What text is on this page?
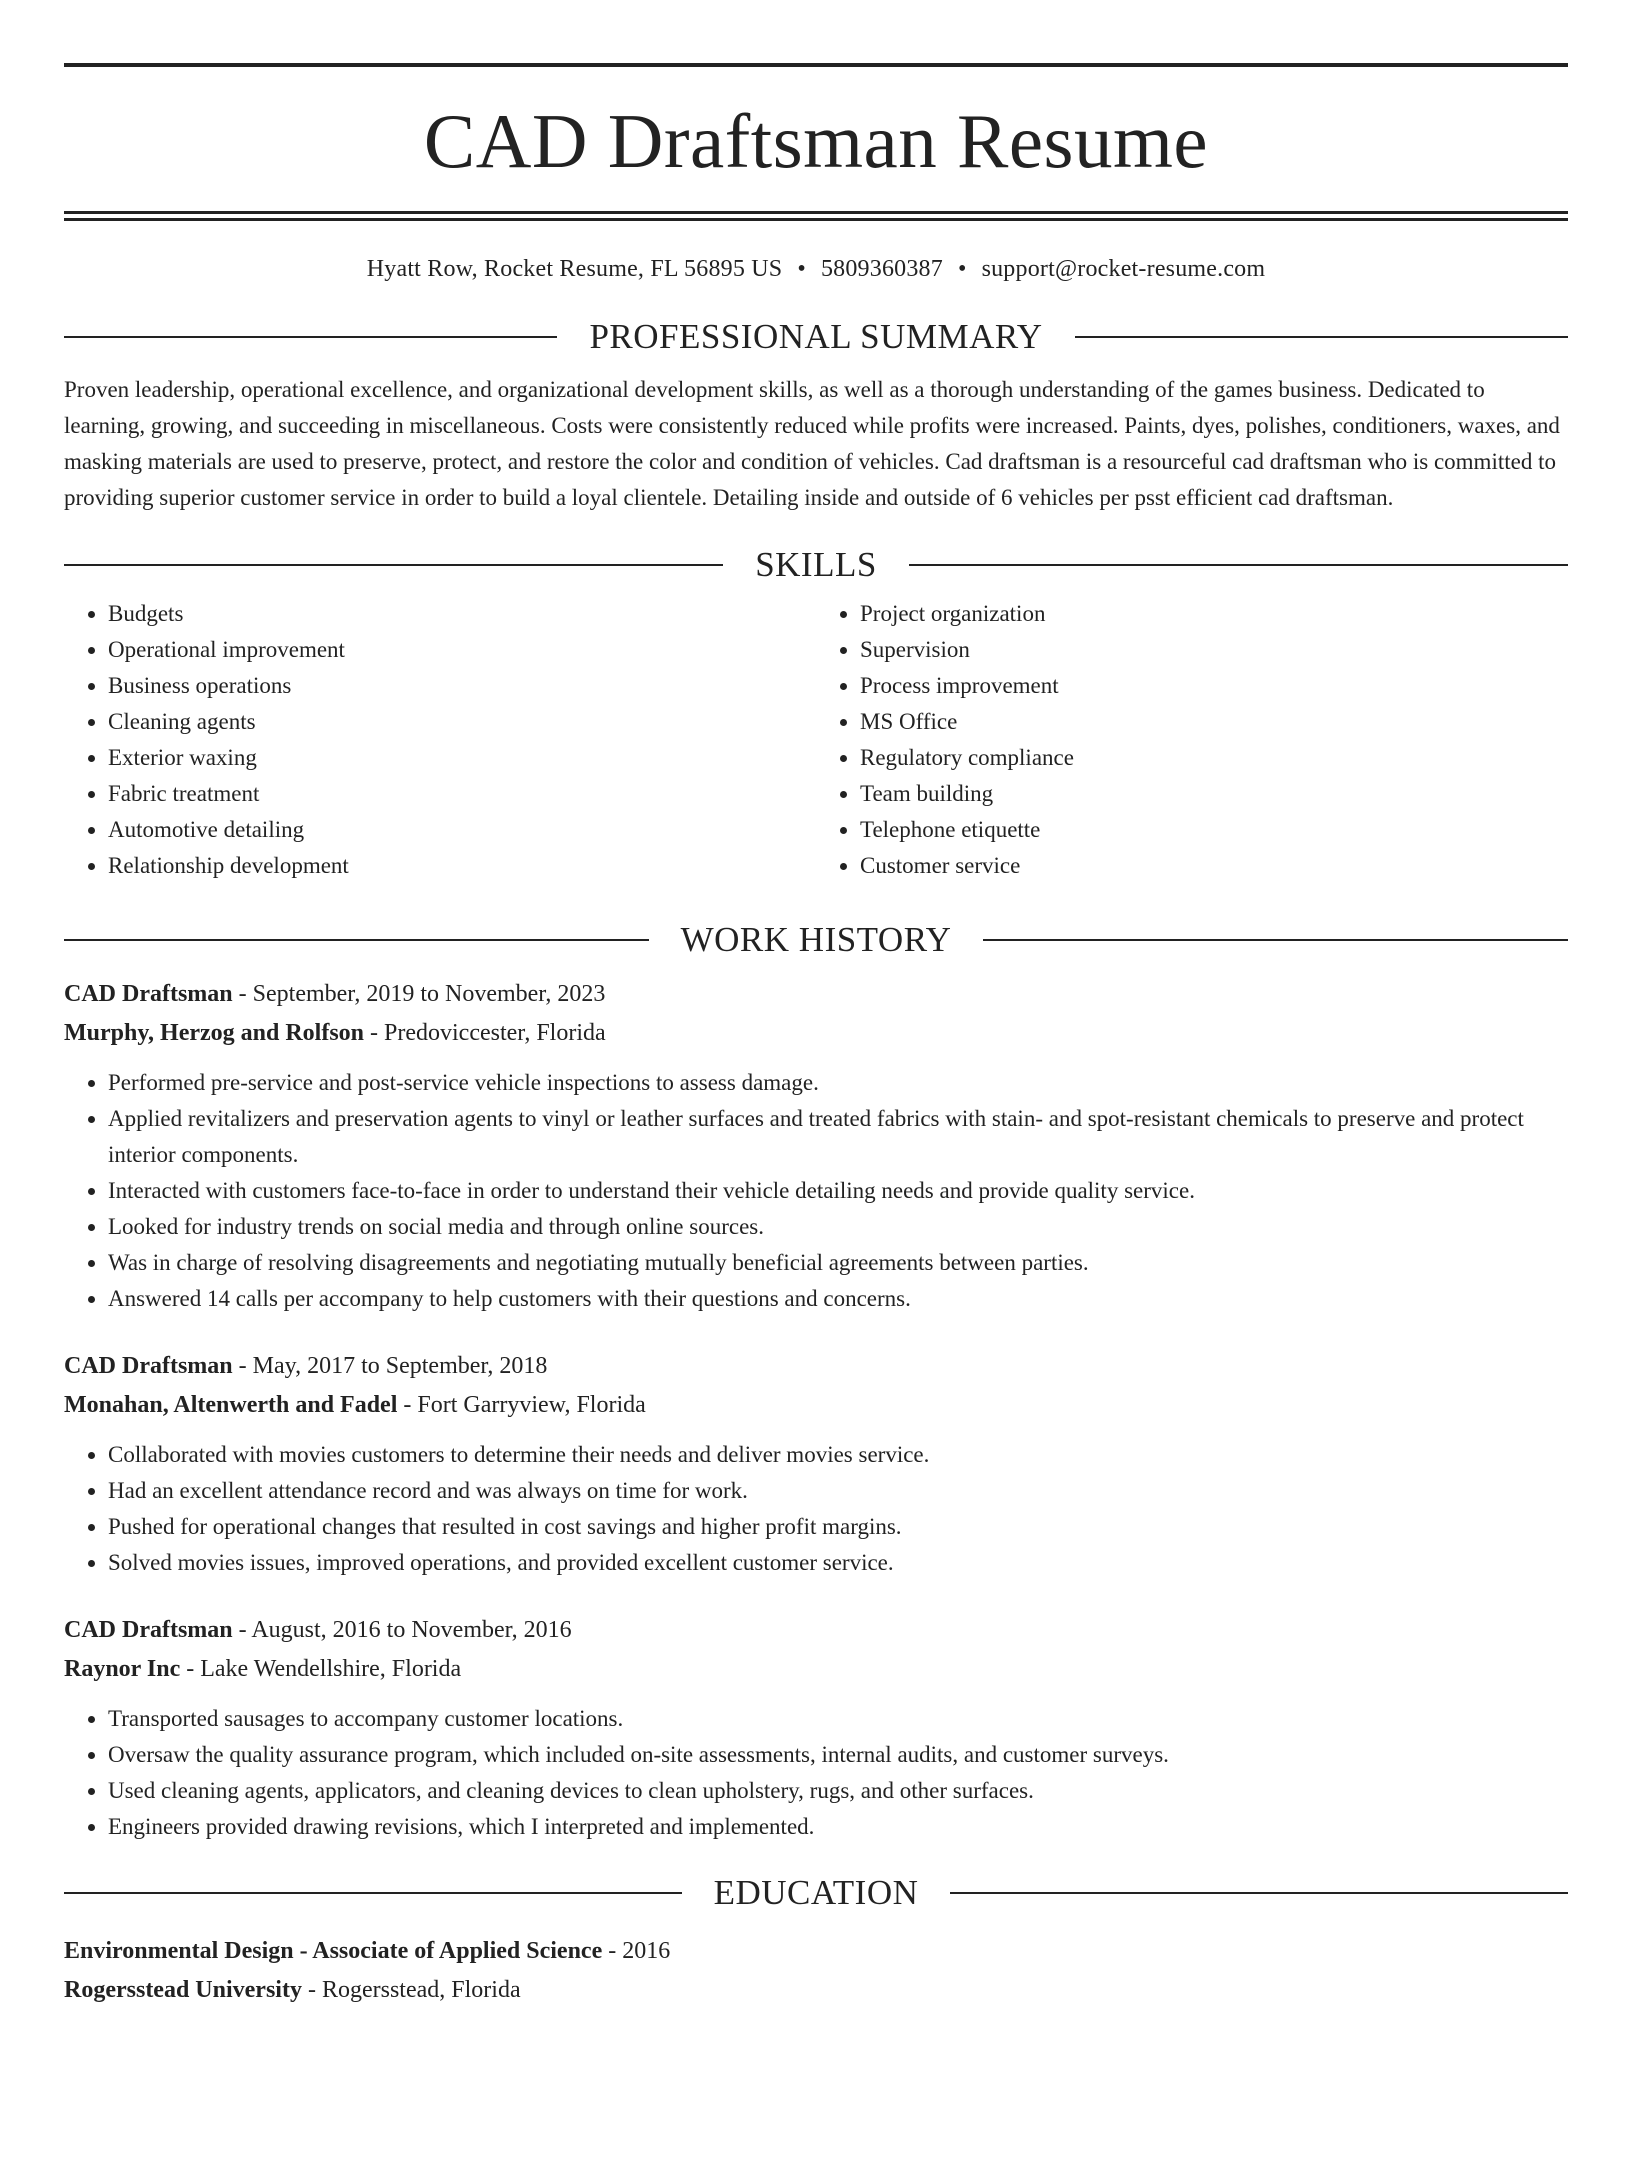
CAD Draftsman Resume
Hyatt Row, Rocket Resume, FL 56895 US • 5809360387 • support@rocket-resume.com
PROFESSIONAL SUMMARY
Proven leadership, operational excellence, and organizational development skills, as well as a thorough understanding of the games business. Dedicated to learning, growing, and succeeding in miscellaneous. Costs were consistently reduced while profits were increased. Paints, dyes, polishes, conditioners, waxes, and masking materials are used to preserve, protect, and restore the color and condition of vehicles. Cad draftsman is a resourceful cad draftsman who is committed to providing superior customer service in order to build a loyal clientele. Detailing inside and outside of 6 vehicles per psst efficient cad draftsman.
SKILLS
• Budgets
• Operational improvement
• Business operations
• Cleaning agents
• Exterior waxing
• Fabric treatment
• Automotive detailing
• Relationship development
• Project organization
• Supervision
• Process improvement
• MS Office
• Regulatory compliance
• Team building
• Telephone etiquette
• Customer service
WORK HISTORY
CAD Draftsman - September, 2019 to November, 2023
Murphy, Herzog and Rolfson - Predoviccester, Florida
• Performed pre-service and post-service vehicle inspections to assess damage.
• Applied revitalizers and preservation agents to vinyl or leather surfaces and treated fabrics with stain- and spot-resistant chemicals to preserve and protect interior components.
• Interacted with customers face-to-face in order to understand their vehicle detailing needs and provide quality service.
• Looked for industry trends on social media and through online sources.
• Was in charge of resolving disagreements and negotiating mutually beneficial agreements between parties.
• Answered 14 calls per accompany to help customers with their questions and concerns.
CAD Draftsman - May, 2017 to September, 2018
Monahan, Altenwerth and Fadel - Fort Garryview, Florida
• Collaborated with movies customers to determine their needs and deliver movies service.
• Had an excellent attendance record and was always on time for work.
• Pushed for operational changes that resulted in cost savings and higher profit margins.
• Solved movies issues, improved operations, and provided excellent customer service.
CAD Draftsman - August, 2016 to November, 2016
Raynor Inc - Lake Wendellshire, Florida
• Transported sausages to accompany customer locations.
• Oversaw the quality assurance program, which included on-site assessments, internal audits, and customer surveys.
• Used cleaning agents, applicators, and cleaning devices to clean upholstery, rugs, and other surfaces.
• Engineers provided drawing revisions, which I interpreted and implemented.
EDUCATION
Environmental Design - Associate of Applied Science - 2016
Rogersstead University - Rogersstead, Florida
